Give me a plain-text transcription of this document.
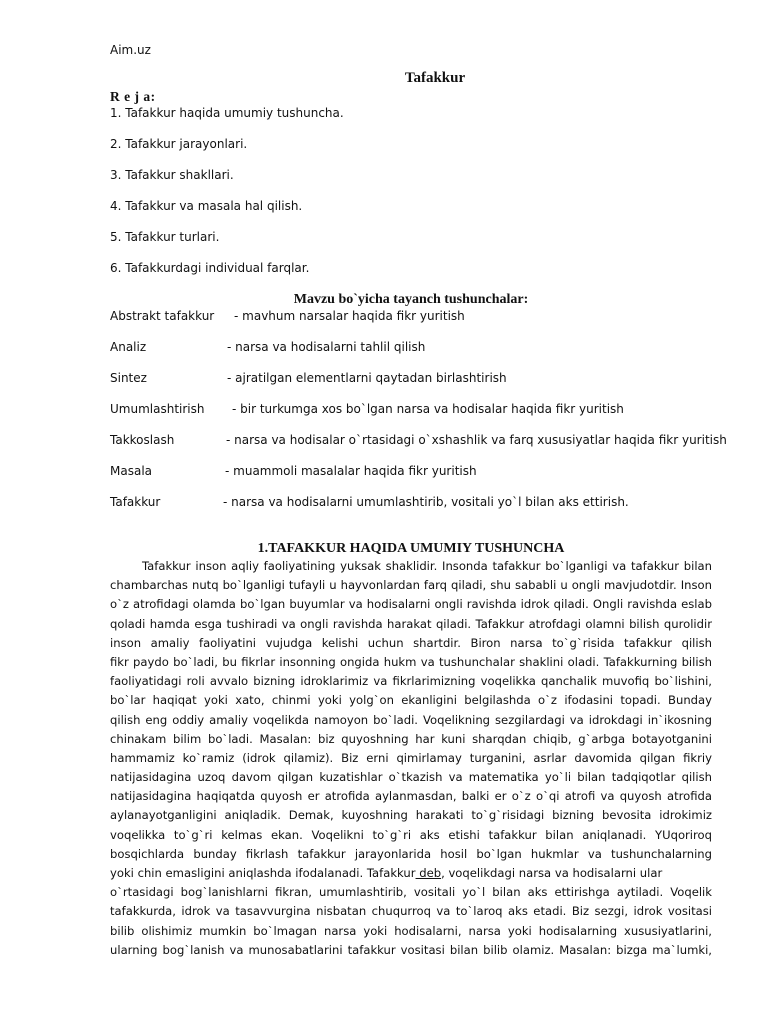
Aim.uz
Tafakkur
R e j a:
1. Tafakkur haqida umumiy tushuncha.
2. Tafakkur jarayonlari.
3. Tafakkur shakllari.
4. Tafakkur va masala hal qilish.
5. Tafakkur turlari.
6. Tafakkurdagi individual farqlar.
Mavzu bo`yicha tayanch tushunchalar:
Abstrakt tafakkur - mavhum narsalar haqida fikr yuritish
Analiz	- narsa va hodisalarni tahlil qilish
Sintez	- ajratilgan elementlarni qaytadan birlashtirish
Umumlashtirish - bir turkumga xos bo`lgan narsa va hodisalar haqida fikr yuritish
Takkoslash	- narsa va hodisalar o`rtasidagi o`xshashlik va farq xususiyatlar haqida fikr yuritish
Masala	- muammoli masalalar haqida fikr yuritish
Tafakkur	- narsa va hodisalarni umumlashtirib, vositali yo`l bilan aks ettirish.
1.TAFAKKUR HAQIDA UMUMIY TUSHUNCHA
Tafakkur inson aqliy faoliyatining yuksak shaklidir. Insonda tafakkur bo`lganligi va tafakkur bilan
chambarchas nutq bo`lganligi tufayli u hayvonlardan farq qiladi, shu sababli u ongli mavjudotdir. Inson
o`z atrofidagi olamda bo`lgan buyumlar va hodisalarni ongli ravishda idrok qiladi. Ongli ravishda eslab
qoladi hamda esga tushiradi va ongli ravishda harakat qiladi. Tafakkur atrofdagi olamni bilish qurolidir
inson amaliy faoliyatini vujudga kelishi uchun shartdir. Biron narsa to`g`risida tafakkur qilish
fikr paydo bo`ladi, bu fikrlar insonning ongida hukm va tushunchalar shaklini oladi. Tafakkurning bilish
faoliyatidagi roli avvalo bizning idroklarimiz va fikrlarimizning voqelikka qanchalik muvofiq bo`lishini,
bo`lar haqiqat yoki xato, chinmi yoki yolg`on ekanligini belgilashda o`z ifodasini topadi. Bunday
qilish eng oddiy amaliy voqelikda namoyon bo`ladi. Voqelikning sezgilardagi va idrokdagi in`ikosning
chinakam bilim bo`ladi. Masalan: biz quyoshning har kuni sharqdan chiqib, g`arbga botayotganini
hammamiz ko`ramiz (idrok qilamiz). Biz erni qimirlamay turganini, asrlar davomida qilgan fikriy
natijasidagina uzoq davom qilgan kuzatishlar o`tkazish va matematika yo`li bilan tadqiqotlar qilish
natijasidagina haqiqatda quyosh er atrofida aylanmasdan, balki er o`z o`qi atrofi va quyosh atrofida
aylanayotganligini aniqladik. Demak, kuyoshning harakati to`g`risidagi bizning bevosita idrokimiz
voqelikka to`g`ri kelmas ekan. Voqelikni to`g`ri aks etishi tafakkur bilan aniqlanadi. YUqoriroq
bosqichlarda bunday fikrlash tafakkur jarayonlarida hosil bo`lgan hukmlar va tushunchalarning
yoki chin emasligini aniqlashda ifodalanadi. Tafakkur deb, voqelikdagi narsa va hodisalarni ular
o`rtasidagi bog`lanishlarni fikran, umumlashtirib, vositali yo`l bilan aks ettirishga aytiladi. Voqelik
tafakkurda, idrok va tasavvurgina nisbatan chuqurroq va to`laroq aks etadi. Biz sezgi, idrok vositasi
bilib olishimiz mumkin bo`lmagan narsa yoki hodisalarni, narsa yoki hodisalarning xususiyatlarini,
ularning bog`lanish va munosabatlarini tafakkur vositasi bilan bilib olamiz. Masalan: bizga ma`lumki,
